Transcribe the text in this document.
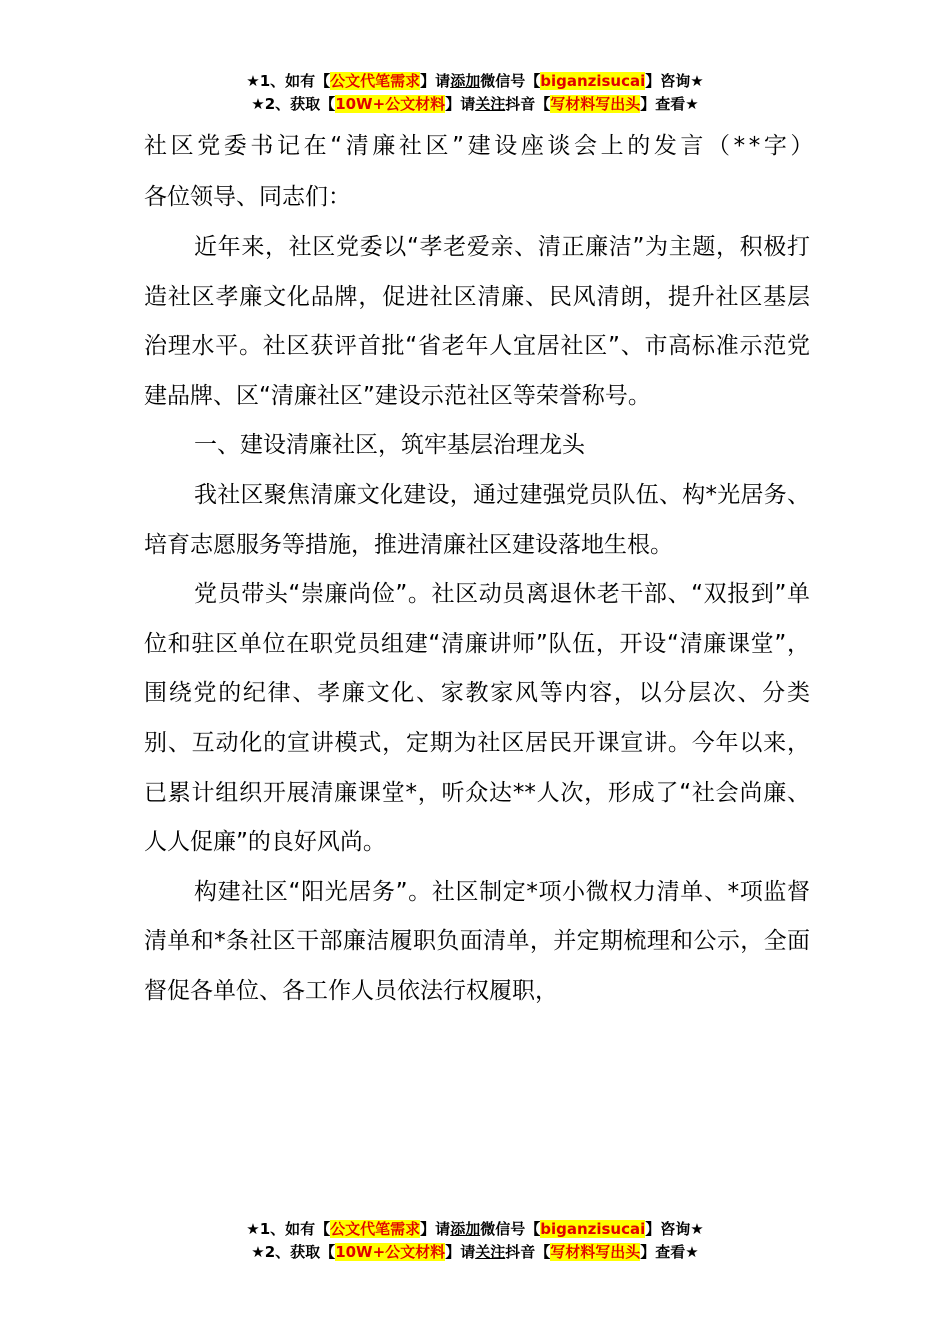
★1、如有【公文代笔需求】请添加微信号【biganzisucai】咨询★
★2、获取【10W+公文材料】请关注抖音【写材料写出头】查看★
社区党委书记在“清廉社区”建设座谈会上的发言（**字）

各位领导、同志们：

近年来，社区党委以“孝老爱亲、清正廉洁”为主题，积极打造社区孝廉文化品牌，促进社区清廉、民风清朗，提升社区基层治理水平。社区获评首批“省老年人宜居社区”、市高标准示范党建品牌、区“清廉社区”建设示范社区等荣誉称号。

一、建设清廉社区，筑牢基层治理龙头

我社区聚焦清廉文化建设，通过建强党员队伍、构*光居务、培育志愿服务等措施，推进清廉社区建设落地生根。

党员带头“崇廉尚俭”。社区动员离退休老干部、“双报到”单位和驻区单位在职党员组建“清廉讲师”队伍，开设“清廉课堂”，围绕党的纪律、孝廉文化、家教家风等内容，以分层次、分类别、互动化的宣讲模式，定期为社区居民开课宣讲。今年以来，已累计组织开展清廉课堂*，听众达**人次，形成了“社会尚廉、人人促廉”的良好风尚。

构建社区“阳光居务”。社区制定*项小微权力清单、*项监督清单和*条社区干部廉洁履职负面清单，并定期梳理和公示，全面督促各单位、各工作人员依法行权履职，

★1、如有【公文代笔需求】请添加微信号【biganzisucai】咨询★
★2、获取【10W+公文材料】请关注抖音【写材料写出头】查看★
